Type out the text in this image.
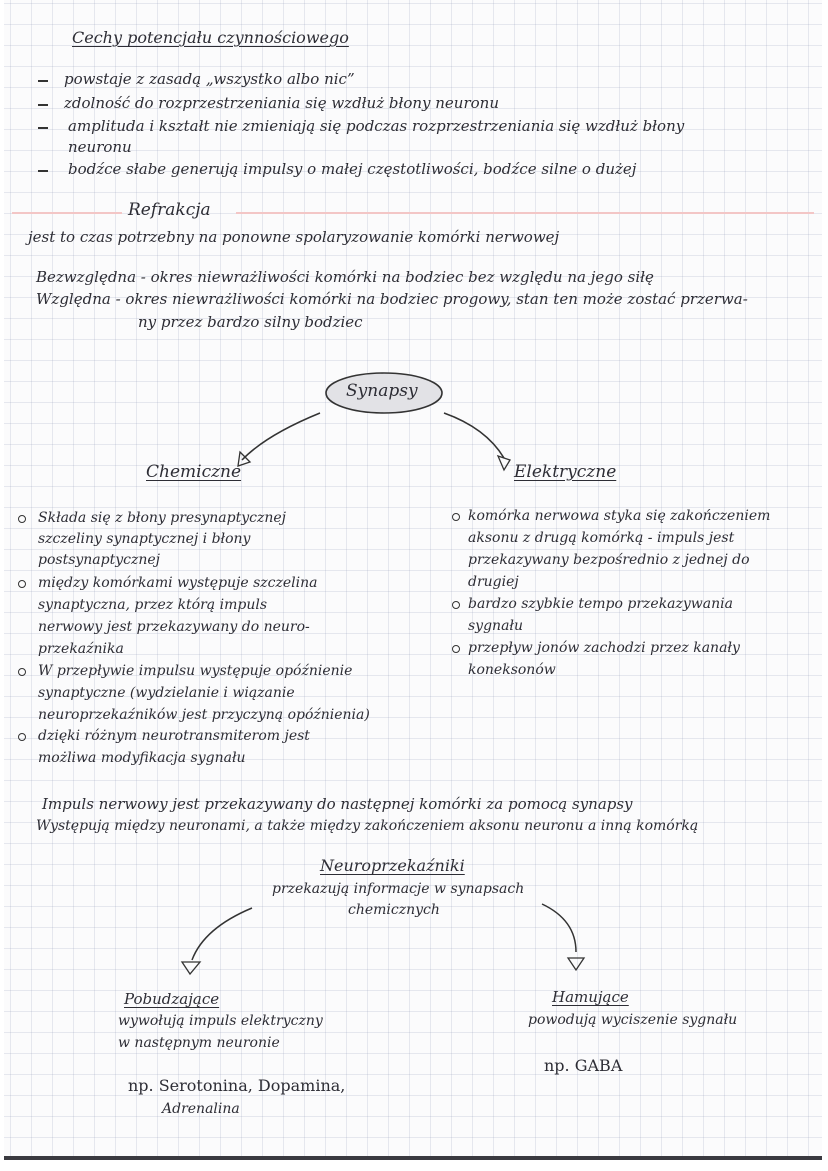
Cechy potencjału czynnościowego
powstaje z zasadą „wszystko albo nic”
zdolność do rozprzestrzeniania się wzdłuż błony neuronu
amplituda i kształt nie zmieniają się podczas rozprzestrzeniania się wzdłuż błony
neuronu
bodźce słabe generują impulsy o małej częstotliwości, bodźce silne o dużej
Refrakcja
jest to czas potrzebny na ponowne spolaryzowanie komórki nerwowej
Bezwzględna - okres niewrażliwości komórki na bodziec bez względu na jego siłę
Względna - okres niewrażliwości komórki na bodziec progowy, stan ten może zostać przerwa-
ny przez bardzo silny bodziec
Synapsy
Chemiczne	Elektryczne
Składa się z błony presynaptycznej
szczeliny synaptycznej i błony
postsynaptycznej
między komórkami występuje szczelina
synaptyczna, przez którą impuls
nerwowy jest przekazywany do neuro-
przekaźnika
W przepływie impulsu występuje opóźnienie
synaptyczne (wydzielanie i wiązanie
neuroprzekaźników jest przyczyną opóźnienia)
dzięki różnym neurotransmiterom jest
możliwa modyfikacja sygnału
komórka nerwowa styka się zakończeniem
aksonu z drugą komórką - impuls jest
przekazywany bezpośrednio z jednej do
drugiej
bardzo szybkie tempo przekazywania
sygnału
przepływ jonów zachodzi przez kanały
koneksonów
Impuls nerwowy jest przekazywany do następnej komórki za pomocą synapsy
Występują między neuronami, a także między zakończeniem aksonu neuronu a inną komórką
Neuroprzekaźniki
przekazują informacje w synapsach
chemicznych
Pobudzające
wywołują impuls elektryczny
w następnym neuronie
np. Serotonina, Dopamina,
Adrenalina
Hamujące
powodują wyciszenie sygnału
np. GABA
